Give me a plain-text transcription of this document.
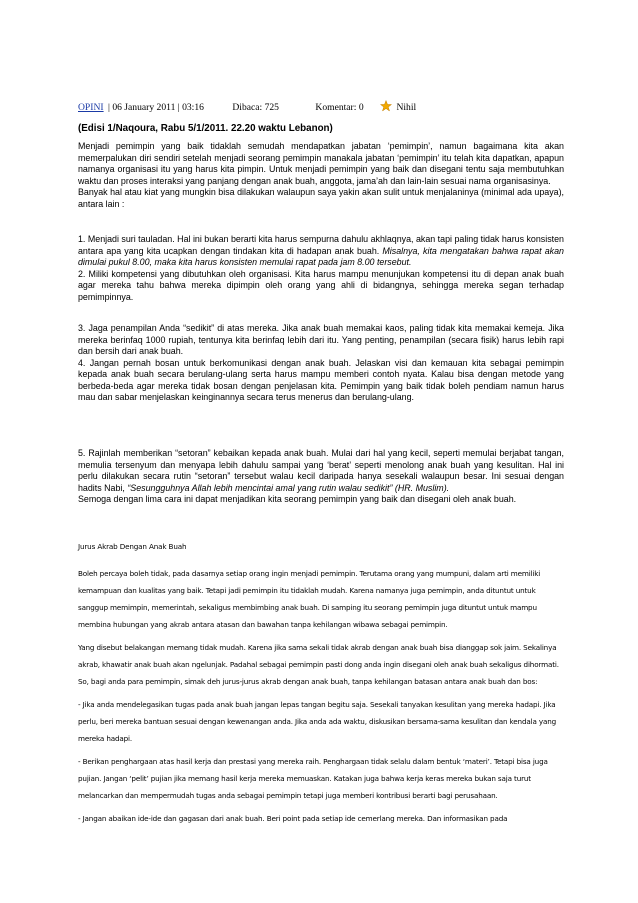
OPINI | 06 January 2011 | 03:16	Dibaca: 725	Komentar: 0	Nihil
(Edisi 1/Naqoura, Rabu 5/1/2011. 22.20 waktu Lebanon)

Menjadi pemimpin yang baik tidaklah semudah mendapatkan jabatan ‘pemimpin’, namun bagaimana kita akan memerpalukan diri sendiri setelah menjadi seorang pemimpin manakala jabatan ‘pemimpin’ itu telah kita dapatkan, apapun namanya organisasi itu yang harus kita pimpin. Untuk menjadi pemimpin yang baik dan disegani tentu saja membutuhkan waktu dan proses interaksi yang panjang dengan anak buah, anggota, jama’ah dan lain-lain sesuai nama organisasinya.

Banyak hal atau kiat yang mungkin bisa dilakukan walaupun saya yakin akan sulit untuk menjalaninya (minimal ada upaya), antara lain :

1. Menjadi suri tauladan. Hal ini bukan berarti kita harus sempurna dahulu akhlaqnya, akan tapi paling tidak harus konsisten antara apa yang kita ucapkan dengan tindakan kita di hadapan anak buah. Misalnya, kita mengatakan bahwa rapat akan dimulai pukul 8.00, maka kita harus konsisten memulai rapat pada jam 8.00 tersebut.

2. Miliki kompetensi yang dibutuhkan oleh organisasi. Kita harus mampu menunjukan kompetensi itu di depan anak buah agar mereka tahu bahwa mereka dipimpin oleh orang yang ahli di bidangnya, sehingga mereka segan terhadap pemimpinnya.

3. Jaga penampilan Anda “sedikit” di atas mereka. Jika anak buah memakai kaos, paling tidak kita memakai kemeja. Jika mereka berinfaq 1000 rupiah, tentunya kita berinfaq lebih dari itu. Yang penting, penampilan (secara fisik) harus lebih rapi dan bersih dari anak buah.

4. Jangan pernah bosan untuk berkomunikasi dengan anak buah. Jelaskan visi dan kemauan kita sebagai pemimpin kepada anak buah secara berulang-ulang serta harus mampu memberi contoh nyata. Kalau bisa dengan metode yang berbeda-beda agar mereka tidak bosan dengan penjelasan kita. Pemimpin yang baik tidak boleh pendiam namun harus mau dan sabar menjelaskan keinginannya secara terus menerus dan berulang-ulang.

5. Rajinlah memberikan “setoran” kebaikan kepada anak buah. Mulai dari hal yang kecil, seperti memulai berjabat tangan, memulia tersenyum dan menyapa lebih dahulu sampai yang ‘berat’ seperti menolong anak buah yang kesulitan. Hal ini perlu dilakukan secara rutin “setoran” tersebut walau kecil daripada hanya sesekali walaupun besar. Ini sesuai dengan hadits Nabi, “Sesungguhnya Allah lebih mencintai amal yang rutin walau sedikit” (HR. Muslim).

Semoga dengan lima cara ini dapat menjadikan kita seorang pemimpin yang baik dan disegani oleh anak buah.

Jurus Akrab Dengan Anak Buah

Boleh percaya boleh tidak, pada dasarnya setiap orang ingin menjadi pemimpin. Terutama orang yang mumpuni, dalam arti memiliki kemampuan dan kualitas yang baik. Tetapi jadi pemimpin itu tidaklah mudah. Karena namanya juga pemimpin, anda dituntut untuk sanggup memimpin, memerintah, sekaligus membimbing anak buah. Di samping itu seorang pemimpin juga dituntut untuk mampu membina hubungan yang akrab antara atasan dan bawahan tanpa kehilangan wibawa sebagai pemimpin.

Yang disebut belakangan memang tidak mudah. Karena jika sama sekali tidak akrab dengan anak buah bisa dianggap sok jaim. Sekalinya akrab, khawatir anak buah akan ngelunjak. Padahal sebagai pemimpin pasti dong anda ingin disegani oleh anak buah sekaligus dihormati. So, bagi anda para pemimpin, simak deh jurus-jurus akrab dengan anak buah, tanpa kehilangan batasan antara anak buah dan bos:

- Jika anda mendelegasikan tugas pada anak buah jangan lepas tangan begitu saja. Sesekali tanyakan kesulitan yang mereka hadapi. Jika perlu, beri mereka bantuan sesuai dengan kewenangan anda. Jika anda ada waktu, diskusikan bersama-sama kesulitan dan kendala yang mereka hadapi.

- Berikan penghargaan atas hasil kerja dan prestasi yang mereka raih. Penghargaan tidak selalu dalam bentuk ‘materi’. Tetapi bisa juga pujian. Jangan ‘pelit’ pujian jika memang hasil kerja mereka memuaskan. Katakan juga bahwa kerja keras mereka bukan saja turut melancarkan dan mempermudah tugas anda sebagai pemimpin tetapi juga memberi kontribusi berarti bagi perusahaan.

- Jangan abaikan ide-ide dan gagasan dari anak buah. Beri point pada setiap ide cemerlang mereka. Dan informasikan pada
